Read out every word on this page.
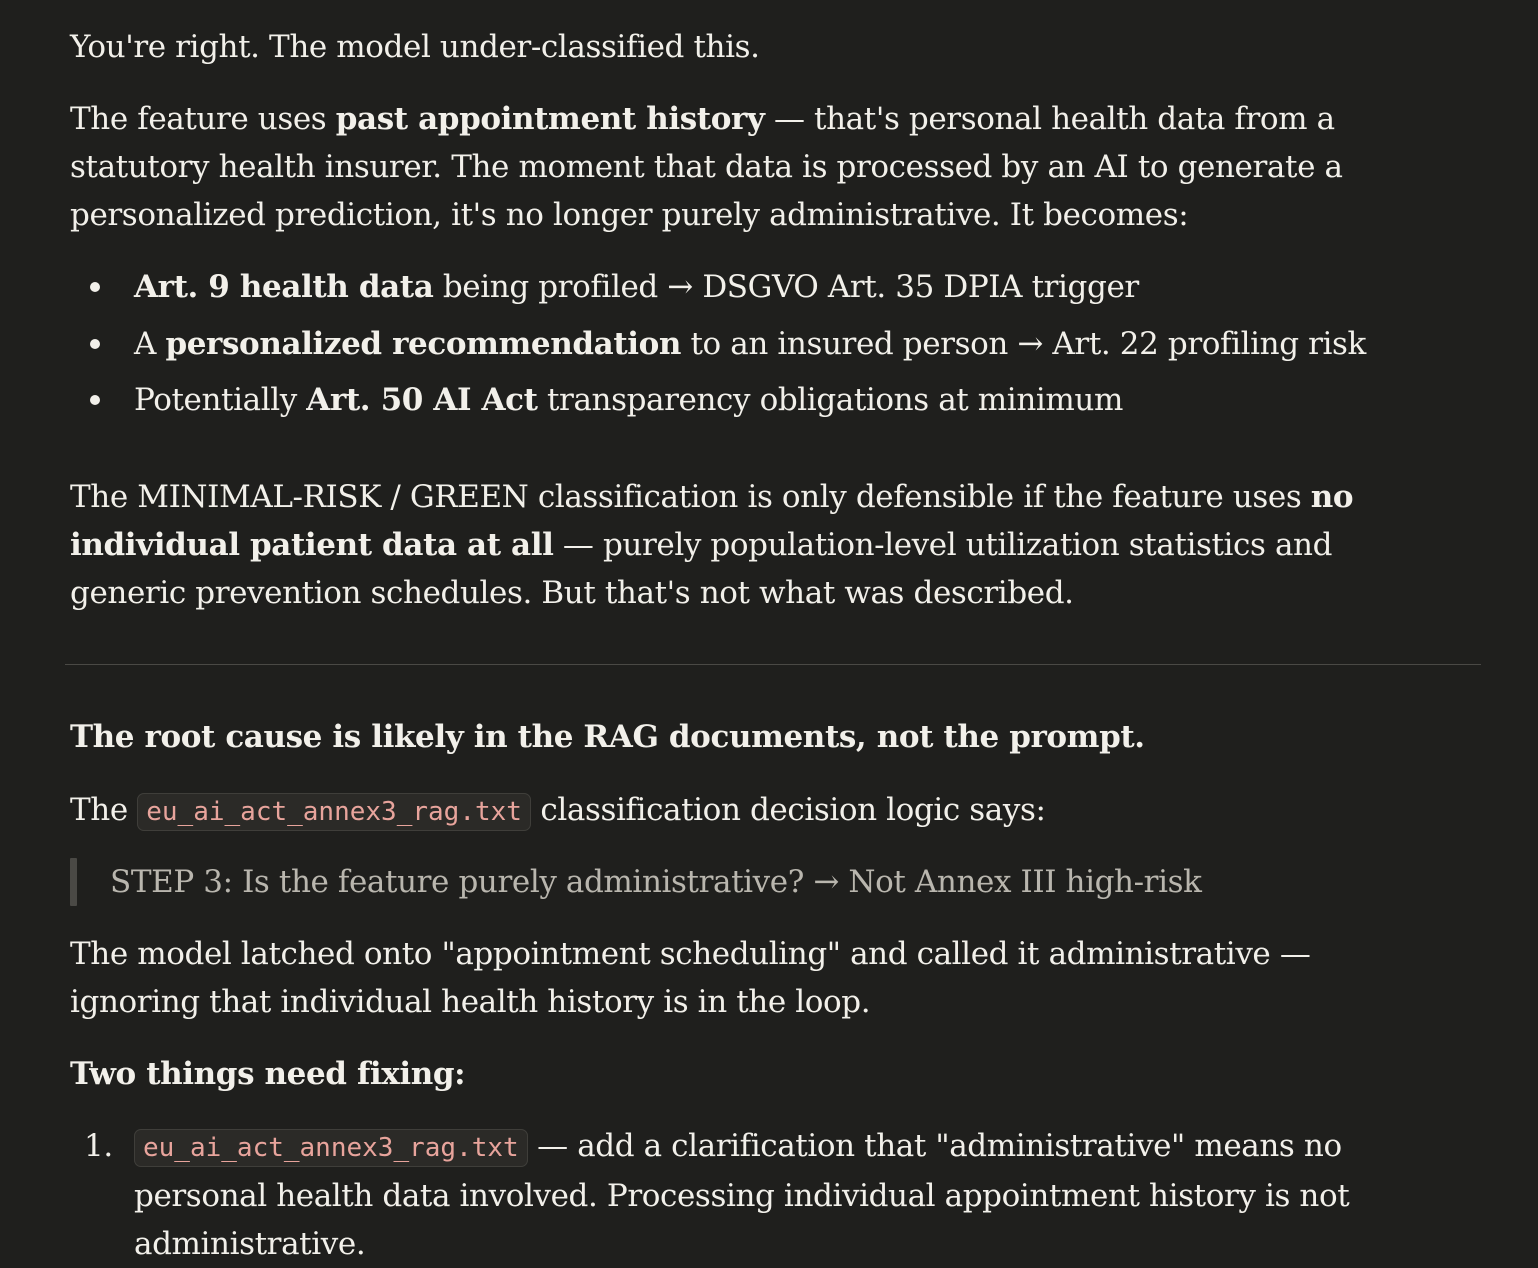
You're right. The model under-classified this.

The feature uses past appointment history — that's personal health data from a statutory health insurer. The moment that data is processed by an AI to generate a personalized prediction, it's no longer purely administrative. It becomes:

Art. 9 health data being profiled → DSGVO Art. 35 DPIA trigger
A personalized recommendation to an insured person → Art. 22 profiling risk
Potentially Art. 50 AI Act transparency obligations at minimum

The MINIMAL-RISK / GREEN classification is only defensible if the feature uses no individual patient data at all — purely population-level utilization statistics and generic prevention schedules. But that's not what was described.

The root cause is likely in the RAG documents, not the prompt.

The eu_ai_act_annex3_rag.txt classification decision logic says:

STEP 3: Is the feature purely administrative? → Not Annex III high-risk

The model latched onto "appointment scheduling" and called it administrative — ignoring that individual health history is in the loop.

Two things need fixing:

1. eu_ai_act_annex3_rag.txt — add a clarification that "administrative" means no personal health data involved. Processing individual appointment history is not administrative.
